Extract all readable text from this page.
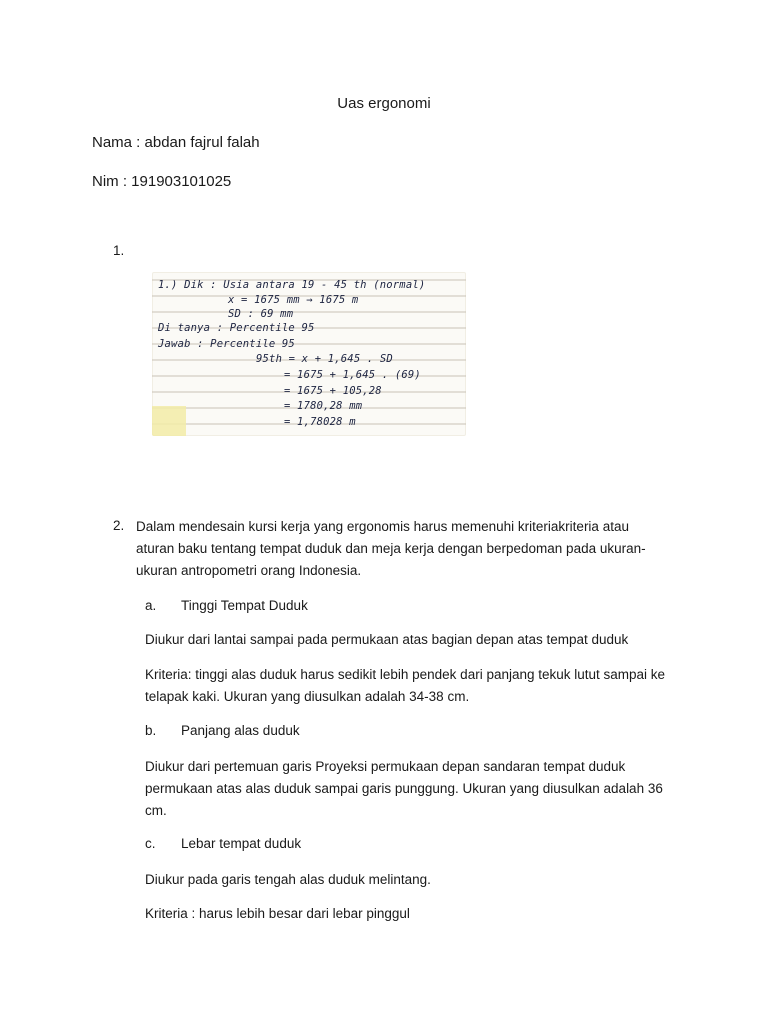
Uas ergonomi
Nama : abdan fajrul falah
Nim : 191903101025
1.
1.) Dik : Usia antara 19 - 45 th (normal)
x = 1675 mm → 1675 m
SD : 69 mm
Di tanya : Percentile 95
Jawab : Percentile 95
95th = x + 1,645 . SD
= 1675 + 1,645 . (69)
= 1675 + 105,28
= 1780,28 mm
= 1,78028 m
2. Dalam mendesain kursi kerja yang ergonomis harus memenuhi kriteriakriteria atau
aturan baku tentang tempat duduk dan meja kerja dengan berpedoman pada ukuran-
ukuran antropometri orang Indonesia.
a. Tinggi Tempat Duduk
Diukur dari lantai sampai pada permukaan atas bagian depan atas tempat duduk
Kriteria: tinggi alas duduk harus sedikit lebih pendek dari panjang tekuk lutut sampai ke
telapak kaki. Ukuran yang diusulkan adalah 34-38 cm.
b. Panjang alas duduk
Diukur dari pertemuan garis Proyeksi permukaan depan sandaran tempat duduk
permukaan atas alas duduk sampai garis punggung. Ukuran yang diusulkan adalah 36
cm.
c. Lebar tempat duduk
Diukur pada garis tengah alas duduk melintang.
Kriteria : harus lebih besar dari lebar pinggul
